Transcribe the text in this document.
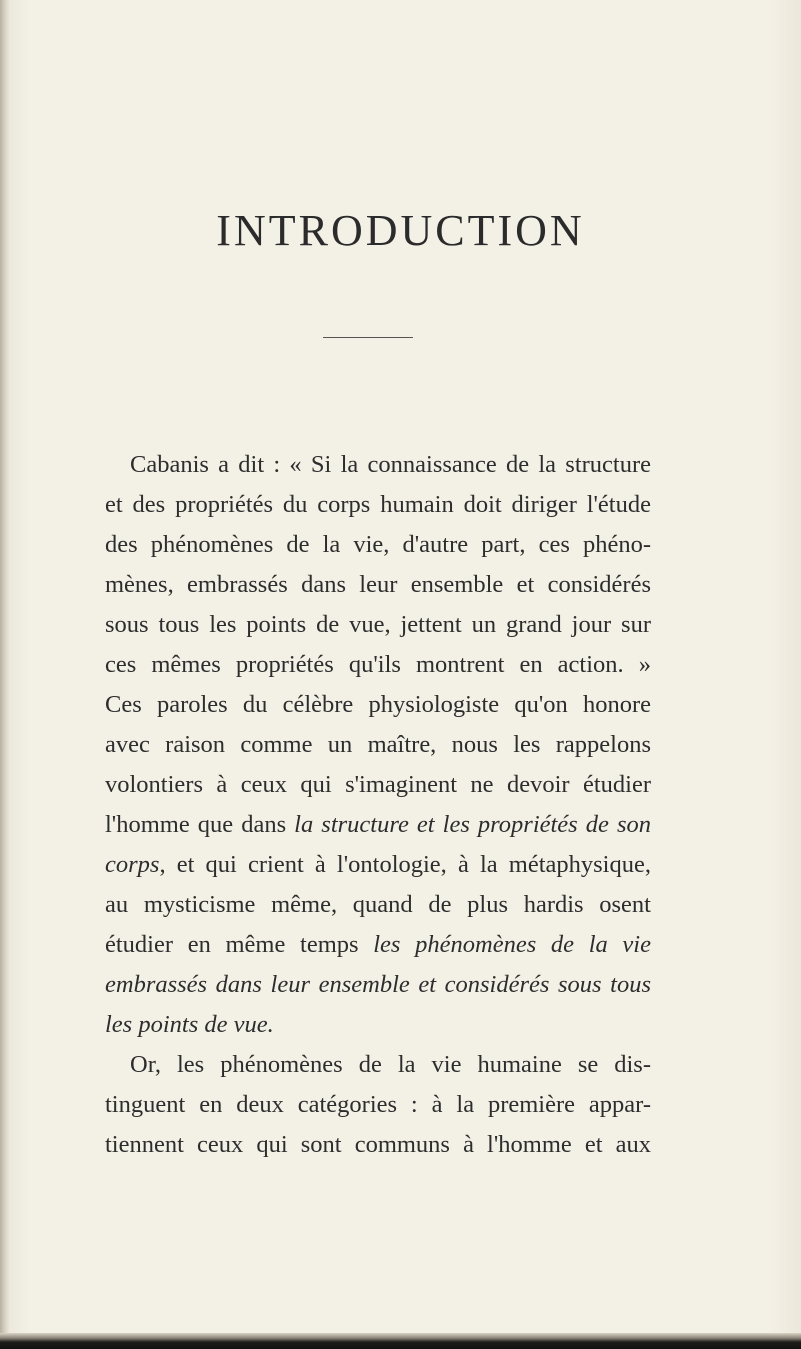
INTRODUCTION

Cabanis a dit : « Si la connaissance de la structure
et des propriétés du corps humain doit diriger l'étude
des phénomènes de la vie, d'autre part, ces phéno-
mènes, embrassés dans leur ensemble et considérés
sous tous les points de vue, jettent un grand jour sur
ces mêmes propriétés qu'ils montrent en action. »
Ces paroles du célèbre physiologiste qu'on honore
avec raison comme un maître, nous les rappelons
volontiers à ceux qui s'imaginent ne devoir étudier
l'homme que dans la structure et les propriétés de son
corps, et qui crient à l'ontologie, à la métaphysique,
au mysticisme même, quand de plus hardis osent
étudier en même temps les phénomènes de la vie
embrassés dans leur ensemble et considérés sous tous
les points de vue.

Or, les phénomènes de la vie humaine se dis-
tinguent en deux catégories : à la première appar-
tiennent ceux qui sont communs à l'homme et aux
